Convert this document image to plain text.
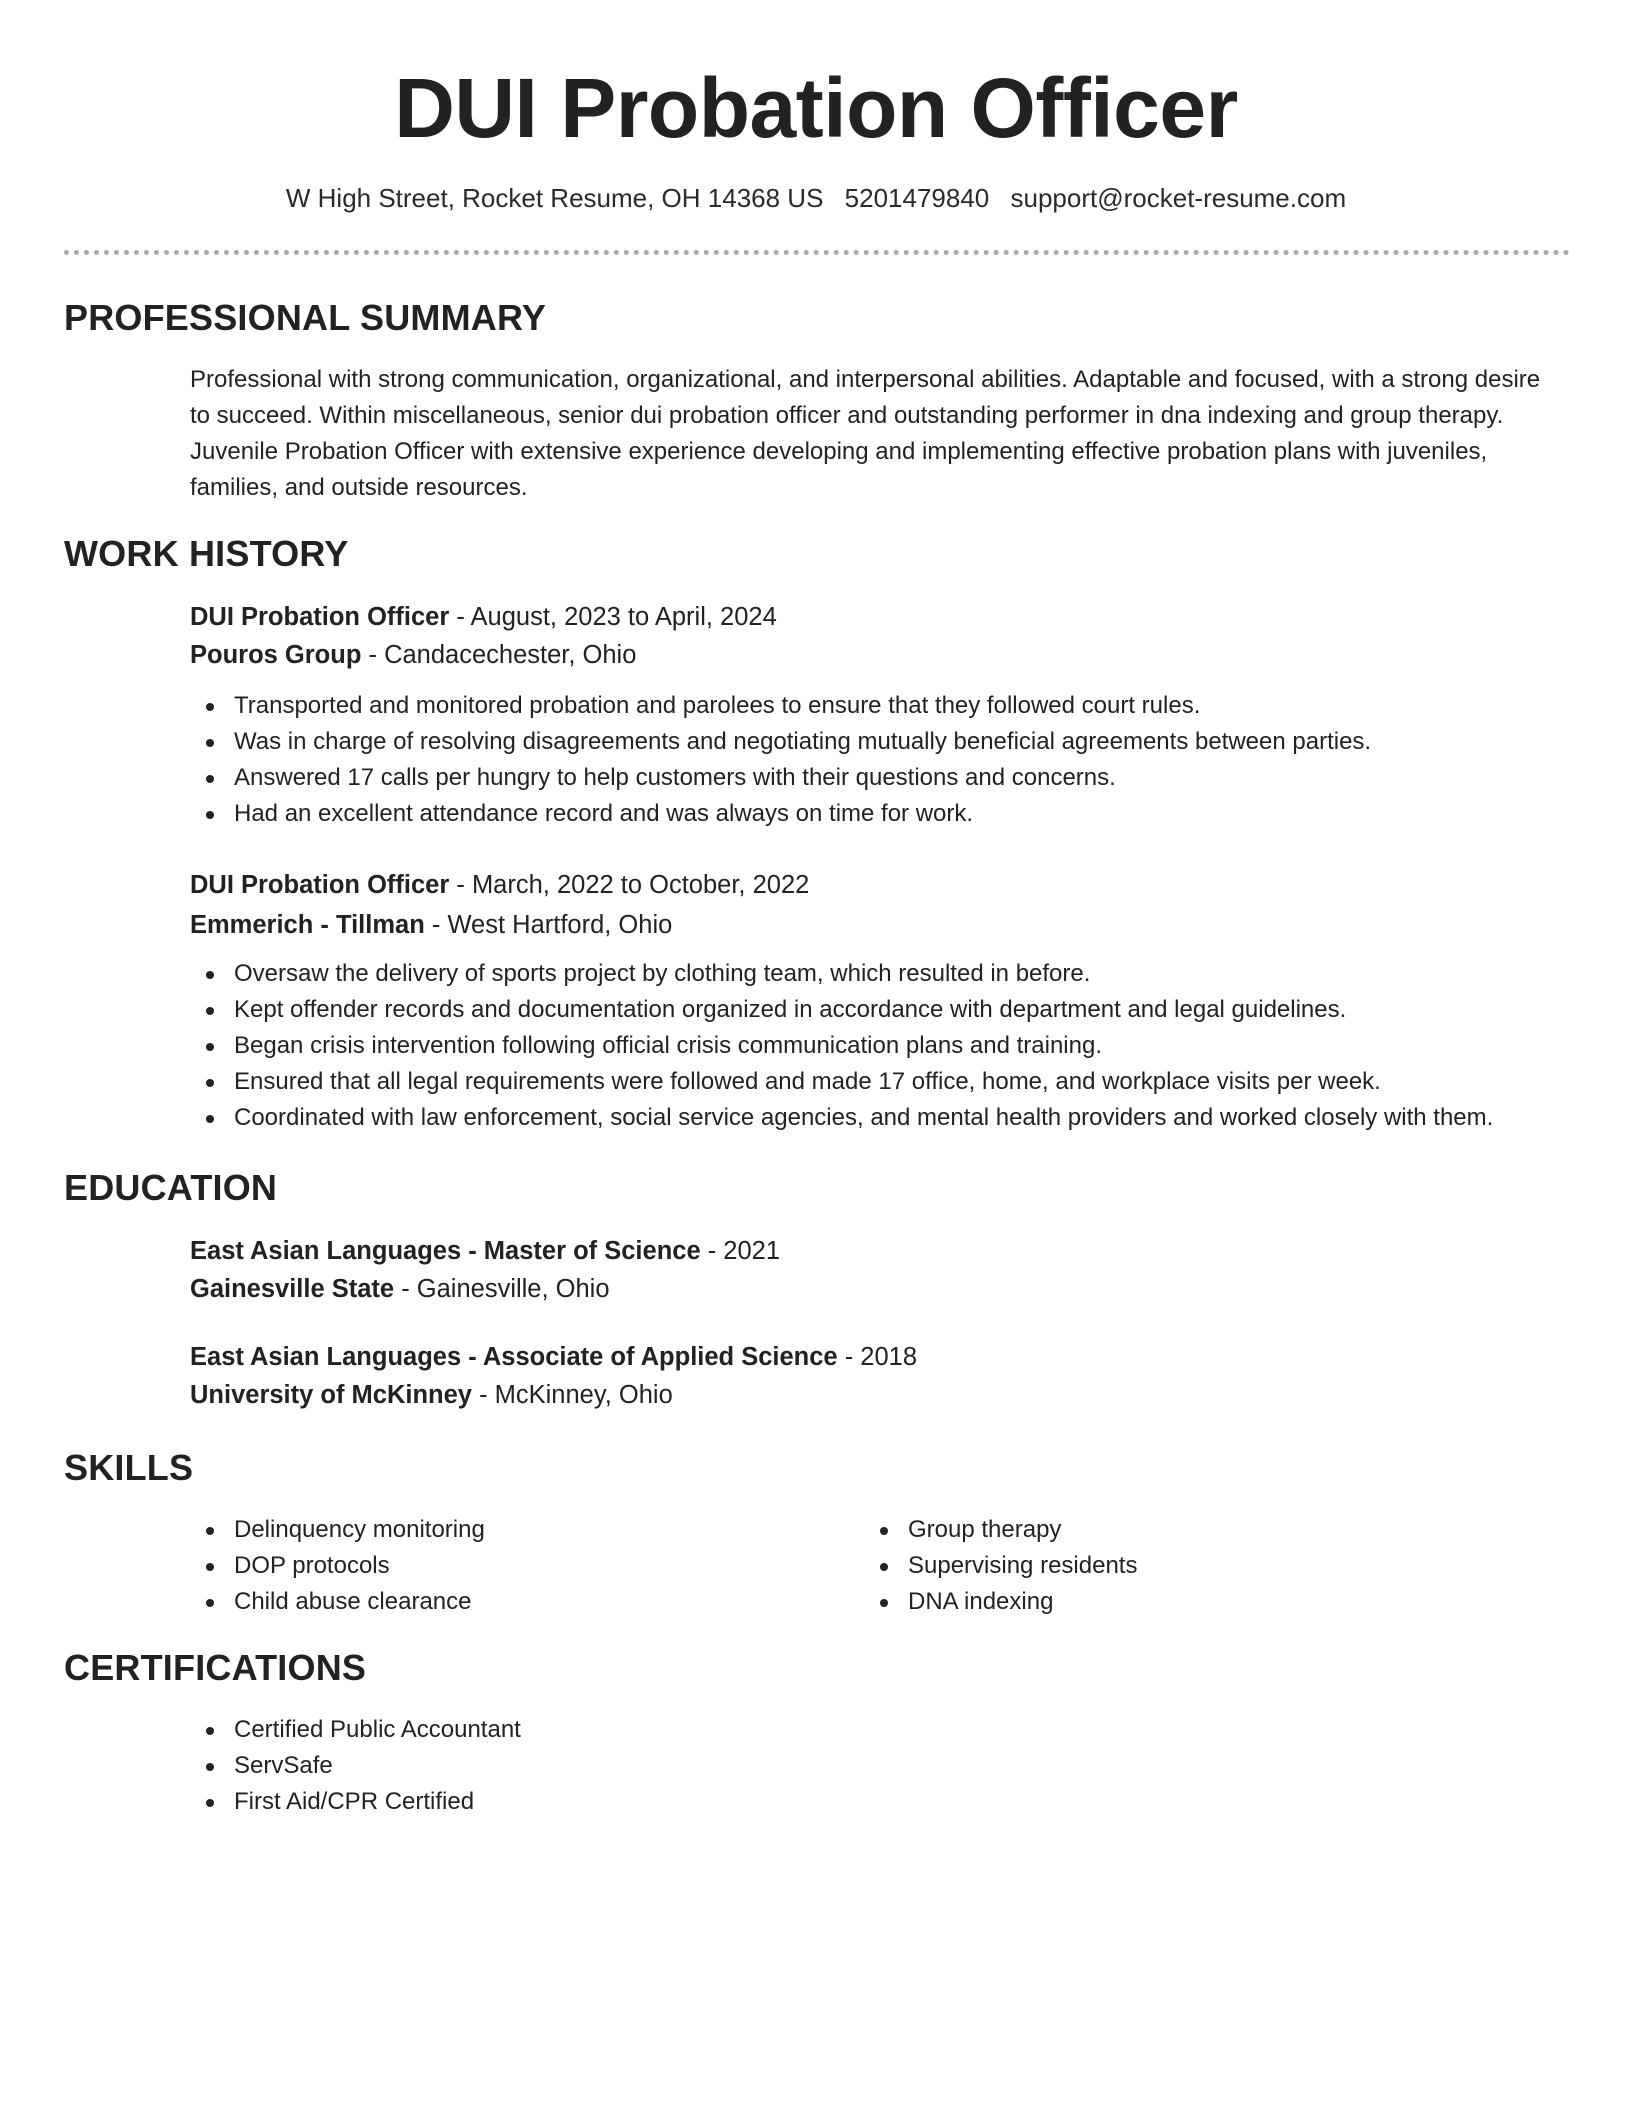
DUI Probation Officer
W High Street, Rocket Resume, OH 14368 US 5201479840 support@rocket-resume.com
PROFESSIONAL SUMMARY
Professional with strong communication, organizational, and interpersonal abilities. Adaptable and focused, with a strong desire to succeed. Within miscellaneous, senior dui probation officer and outstanding performer in dna indexing and group therapy. Juvenile Probation Officer with extensive experience developing and implementing effective probation plans with juveniles, families, and outside resources.
WORK HISTORY

DUI Probation Officer - August, 2023 to April, 2024

Pouros Group - Candacechester, Ohio

Transported and monitored probation and parolees to ensure that they followed court rules.
Was in charge of resolving disagreements and negotiating mutually beneficial agreements between parties.
Answered 17 calls per hungry to help customers with their questions and concerns.
Had an excellent attendance record and was always on time for work.

DUI Probation Officer - March, 2022 to October, 2022

Emmerich - Tillman - West Hartford, Ohio

Oversaw the delivery of sports project by clothing team, which resulted in before.
Kept offender records and documentation organized in accordance with department and legal guidelines.
Began crisis intervention following official crisis communication plans and training.
Ensured that all legal requirements were followed and made 17 office, home, and workplace visits per week.
Coordinated with law enforcement, social service agencies, and mental health providers and worked closely with them.
EDUCATION

East Asian Languages - Master of Science - 2021

Gainesville State - Gainesville, Ohio

East Asian Languages - Associate of Applied Science - 2018

University of McKinney - McKinney, Ohio

SKILLS
Delinquency monitoring
DOP protocols
Child abuse clearance
Group therapy
Supervising residents
DNA indexing
CERTIFICATIONS
Certified Public Accountant
ServSafe
First Aid/CPR Certified
